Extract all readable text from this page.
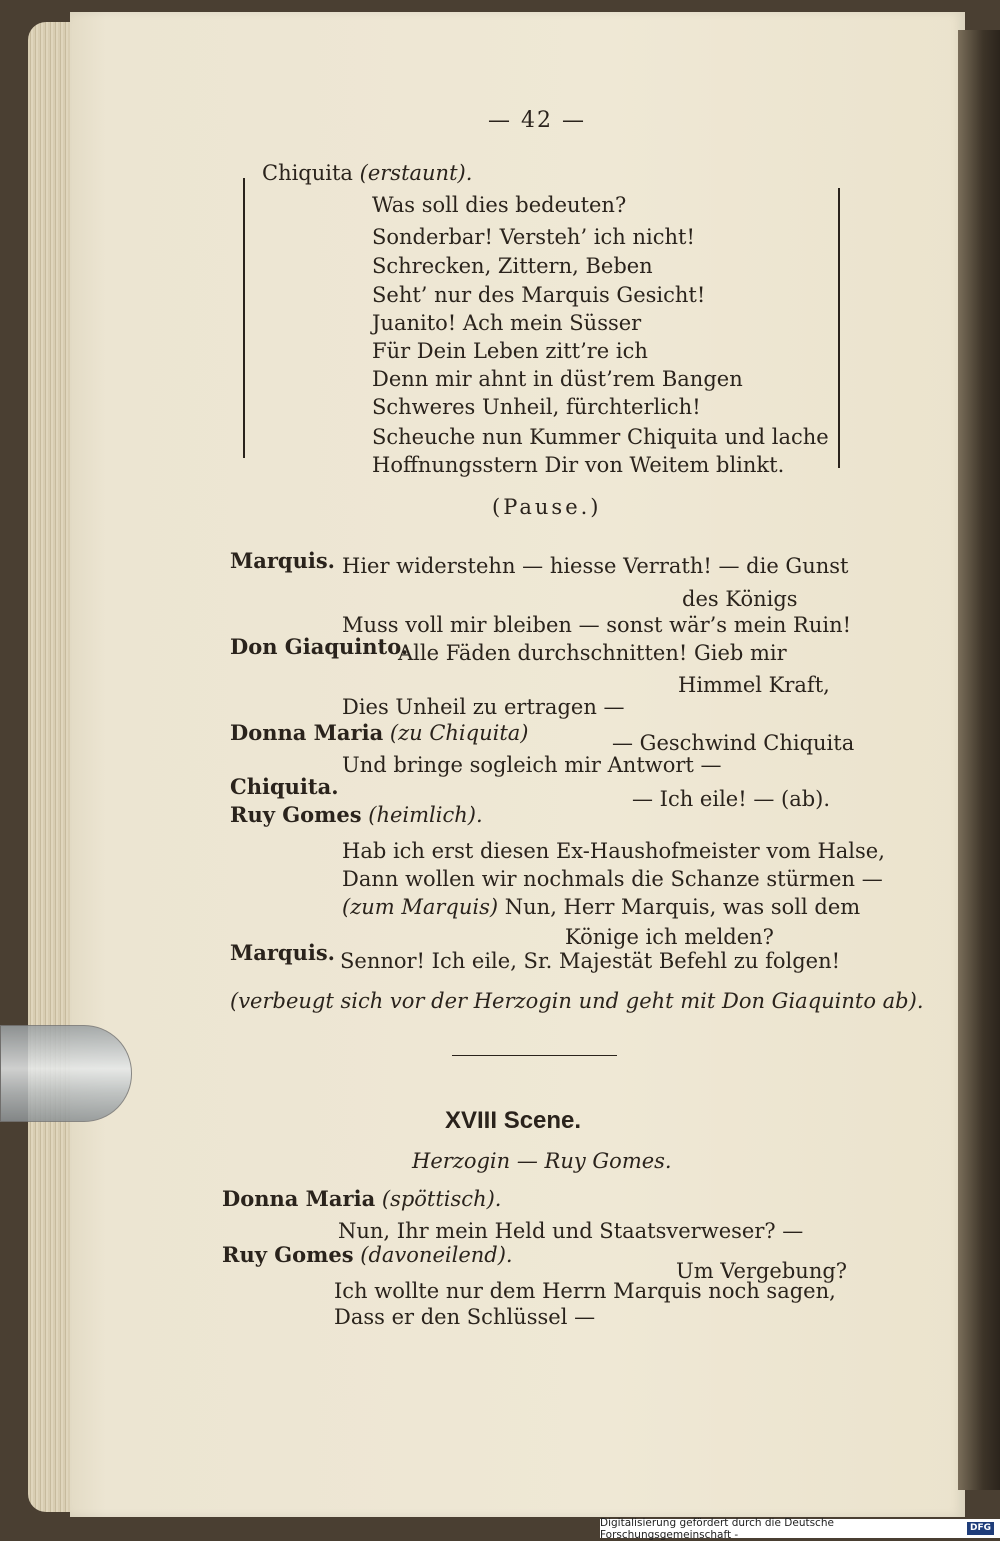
— 42 —
Chiquita (erstaunt).
Was soll dies bedeuten?
Sonderbar! Versteh’ ich nicht!
Schrecken, Zittern, Beben
Seht’ nur des Marquis Gesicht!
Juanito! Ach mein Süsser
Für Dein Leben zitt’re ich
Denn mir ahnt in düst’rem Bangen
Schweres Unheil, fürchterlich!
Scheuche nun Kummer Chiquita und lache
Hoffnungsstern Dir von Weitem blinkt.
(Pause.)
Marquis. Hier widerstehn — hiesse Verrath! — die Gunst
des Königs
Muss voll mir bleiben — sonst wär’s mein Ruin!
Don Giaquinto.
Alle Fäden durchschnitten! Gieb mir
Himmel Kraft,
Dies Unheil zu ertragen —
Donna Maria (zu Chiquita)	— Geschwind Chiquita
Und bringe sogleich mir Antwort —
Chiquita.	— Ich eile! — (ab).
Ruy Gomes (heimlich).
Hab ich erst diesen Ex-Haushofmeister vom Halse,
Dann wollen wir nochmals die Schanze stürmen —
(zum Marquis) Nun, Herr Marquis, was soll dem
Könige ich melden?
Marquis. Sennor! Ich eile, Sr. Majestät Befehl zu folgen!
(verbeugt sich vor der Herzogin und geht mit Don Giaquinto ab).
XVIII Scene.
Herzogin — Ruy Gomes.
Donna Maria (spöttisch).
Nun, Ihr mein Held und Staatsverweser? —
Ruy Gomes (davoneilend).
Um Vergebung?
Ich wollte nur dem Herrn Marquis noch sagen,
Dass er den Schlüssel —
Digitalisierung gefördert durch die Deutsche Forschungsgemeinschaft -
DFG
